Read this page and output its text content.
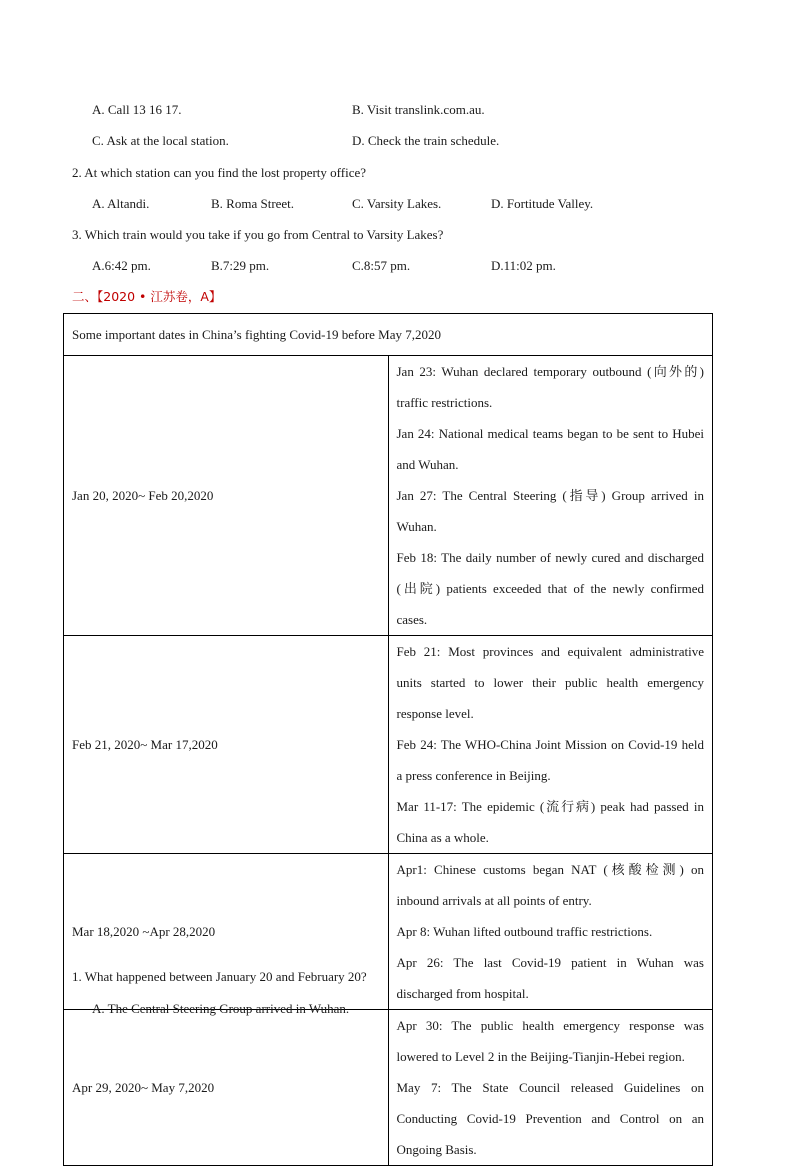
A. Call 13 16 17.	B. Visit translink.com.au.
C. Ask at the local station.	D. Check the train schedule.
2. At which station can you find the lost property office?
A. Altandi.	B. Roma Street.	C. Varsity Lakes.	D. Fortitude Valley.
3. Which train would you take if you go from Central to Varsity Lakes?
A.6:42 pm.	B.7:29 pm.	C.8:57 pm.	D.11:02 pm.
二、【2020 • 江苏卷，A】
Some important dates in China’s fighting Covid-19 before May 7,2020	
Jan 20, 2020~ Feb 20,2020	Jan 23: Wuhan declared temporary outbound (向外的) traffic restrictions.
Jan 24: National medical teams began to be sent to Hubei and Wuhan.
Jan 27: The Central Steering (指导) Group arrived in Wuhan.
Feb 18: The daily number of newly cured and discharged (出院) patients exceeded that of the newly confirmed cases.

Feb 21, 2020~ Mar 17,2020	Feb 21: Most provinces and equivalent administrative units started to lower their public health emergency response level.
Feb 24: The WHO-China Joint Mission on Covid-19 held a press conference in Beijing.
Mar 11-17: The epidemic (流行病) peak had passed in China as a whole.

Mar 18,2020 ~Apr 28,2020	Apr1: Chinese customs began NAT (核酸检测) on inbound arrivals at all points of entry.
Apr 8: Wuhan lifted outbound traffic restrictions.
Apr 26: The last Covid-19 patient in Wuhan was discharged from hospital.

Apr 29, 2020~ May 7,2020	Apr 30: The public health emergency response was lowered to Level 2 in the Beijing-Tianjin-Hebei region.
May 7: The State Council released Guidelines on Conducting Covid-19 Prevention and Control on an Ongoing Basis.
1. What happened between January 20 and February 20?
A. The Central Steering Group arrived in Wuhan.
